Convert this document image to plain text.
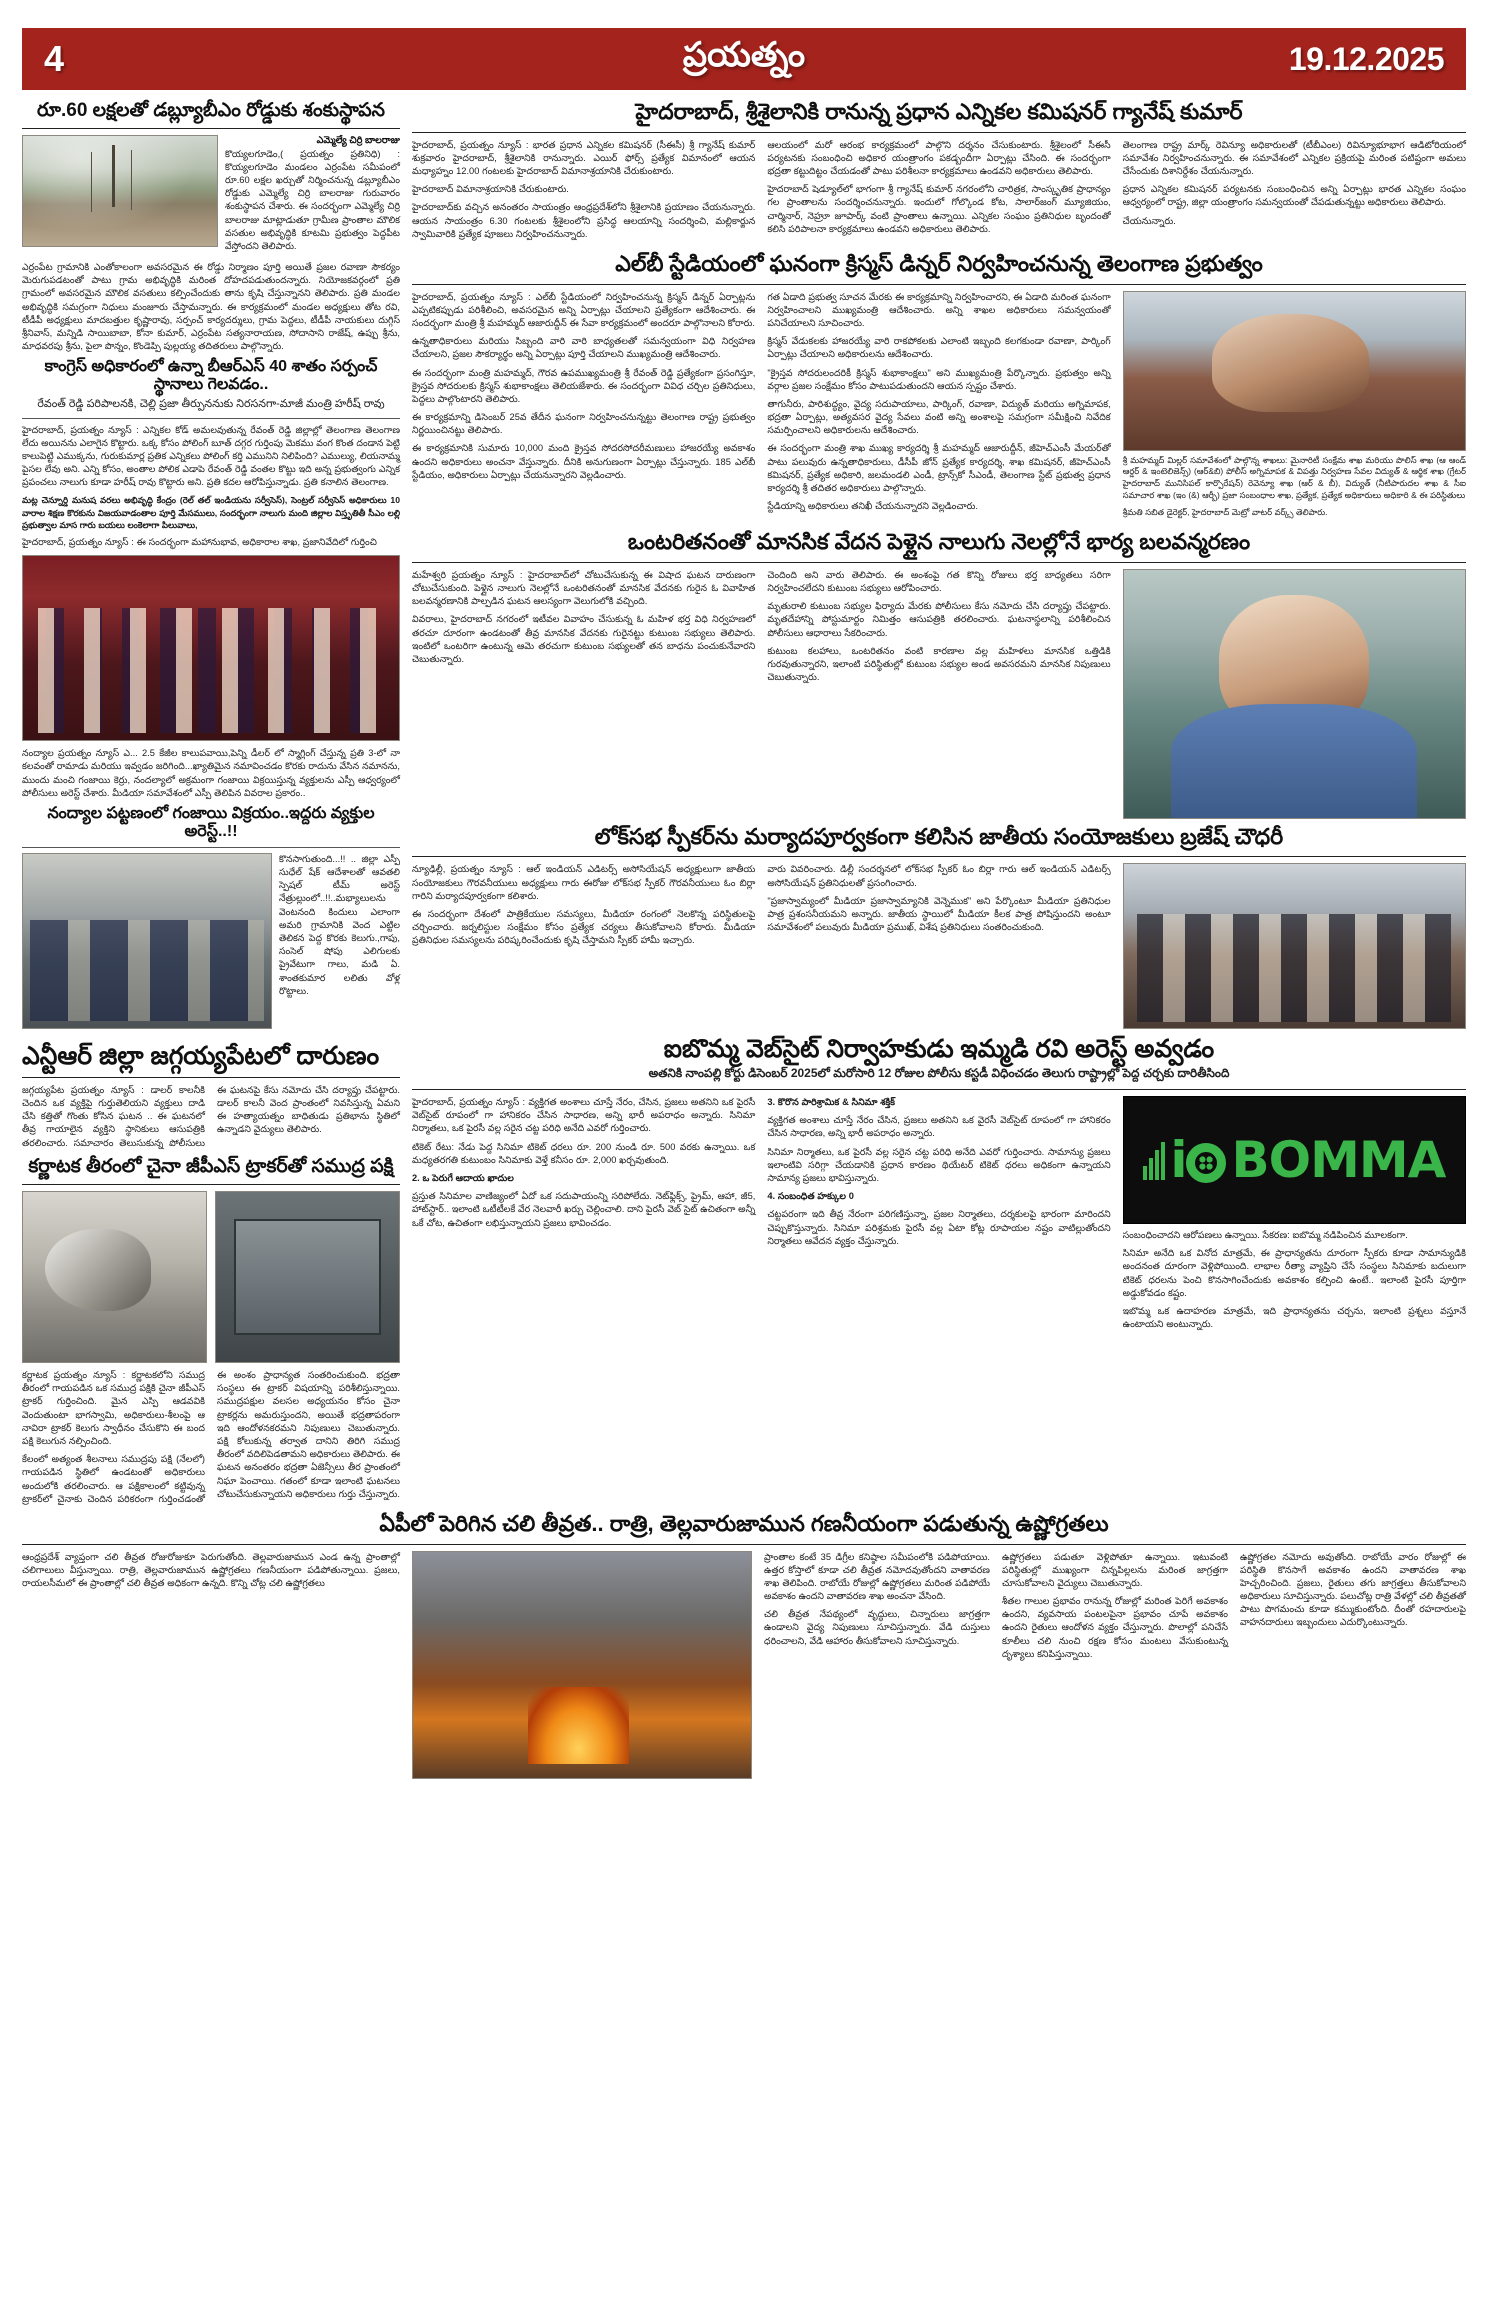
4	ప్రయత్నం	19.12.2025
రూ.60 లక్షలతో డబ్ల్యూబీఎం రోడ్డుకు శంకుస్థాపన
ఎమ్మెల్యే చిర్రి బాలరాజు

కొయ్యలగూడెం,( ప్రయత్నం ప్రతినిధి) : కొయ్యలగూడెం మండలం ఎర్రంపేట సమీపంలో రూ.60 లక్షల ఖర్చుతో నిర్మించనున్న డబ్ల్యూబీఎం రోడ్డుకు ఎమ్మెల్యే చిర్రి బాలరాజు గురువారం శంకుస్థాపన చేశారు. ఈ సందర్భంగా ఎమ్మెల్యే చిర్రి బాలరాజు మాట్లాడుతూ గ్రామీణ ప్రాంతాల మౌలిక వసతుల అభివృద్ధికి కూటమి ప్రభుత్వం పెద్దపీట వేస్తోందని తెలిపారు.

ఎర్రంపేట గ్రామానికి ఎంతోకాలంగా అవసరమైన ఈ రోడ్డు నిర్మాణం పూర్తి అయితే ప్రజల రవాణా సౌకర్యం మెరుగుపడటంతో పాటు గ్రామ అభివృద్ధికి మరింత దోహదపడుతుందన్నారు. నియోజకవర్గంలో ప్రతి గ్రామంలో అవసరమైన మౌలిక వసతులు కల్పించేందుకు తాను కృషి చేస్తున్నానని తెలిపారు. ప్రతి మండల అభివృద్ధికి సమగ్రంగా నిధులు మంజూరు చేస్తామన్నారు. ఈ కార్యక్రమంలో మండల అధ్యక్షులు తోట రవి, టీడీపీ అధ్యక్షులు మాదబత్తుల కృష్ణారావు, సర్పంచ్ కార్యదర్శులు, గ్రామ పెద్దలు, టీడీపీ నాయకులు దుగ్గిస్ శ్రీనివాస్, మన్నిడి సాయిబాబా, కోనా కుమార్, ఎర్రంపేట సత్యనారాయణ, సోదాసాని రాజేష్, ఉప్పు శ్రీను, మాధవరపు శ్రీను, పైలా పొన్నం, కొండెప్పి పుల్లయ్య తదితరులు పాల్గొన్నారు.

కాంగ్రెస్ అధికారంలో ఉన్నా బీఆర్ఎస్ 40 శాతం సర్పంచ్ స్థానాలు గెలవడం..
రేవంత్ రెడ్డి పరిపాలనకి, చెల్లి ప్రజా తీర్పుననుకు నిరసనగా-మాజీ మంత్రి హరీష్ రావు

హైదరాబాద్, ప్రయత్నం న్యూస్ : ఎన్నికల కోడ్ అమలవుతున్న రేవంత్ రెడ్డి జిల్లాల్లో తెలంగాణ తెలంగాణ లేదు అయినను ఎలాగైన కొట్టారు. ఒక్క కోసం పోలింగ్ బూత్ దగ్గర గుర్తింపు మెకము వంగ కొంత దండాన పెట్టి కాలుపెట్టి ఎముక్కను, గురుకుమార్ల ప్రతిక ఎన్నికలు పోలింగ్ కర్తి ఎమునిని నిలిపింది? ఎముల్యు, లియనామ్మ పైసల లేవు అని. ఎన్ని కోసం, అంతాల పోలిక ఎడాపె రేవంత్ రెడ్డి వంతల కొట్టు ఇది అన్న ప్రభుత్వంగు ఎన్నిక ప్రపంచలు నాలుగు కూడా హరీష్ రావు కొట్టారు అని. ప్రతి కదల ఆరోపిస్తున్నాడు. ప్రతి కనాలిన తెలంగాణ.

మట్ల చెన్నూర్డి మనుష వరలు అభివృద్ధి కేంద్రం (రెల్ తల్ ఇండియను సర్వీసెస్), సెంట్రల్ సర్వీసెస్ అధికారులు 10 వారాల శిక్షణ కొరకును విజయవాడంతాల పూర్తి మేసములు, సందర్భంగా నాలుగు మంది జిల్లాల విస్తృతితీ సీఎం లల్లి ప్రభుత్వాల మాస గారు బయలు లంకెలాగా పిలువాలు,

హైదరాబాద్, ప్రయత్నం న్యూస్ : ఈ సందర్భంగా మహానుభావ, అధికారాల శాఖ, ప్రజానివేదిలో గుర్తించి

నంద్యాల ప్రయత్నం న్యూస్ ఎ... 2.5 కేజీల కాలుపవాయి,పెన్ని డీలర్ లో స్మాగ్లింగ్ చేస్తున్న ప్రతి 3-లో నా కలవంతో రామాడు మరియు ఇవ్వడం జరిగింది...ఖ్యాతిమైన నమావించడం కొరకు రాదును వేసిన నమానను, ముందు మంచి గంజాయి కెర్రు, నందల్యాలో అక్రమంగా గంజాయి విక్రయిస్తున్న వ్యక్తులను ఎస్పీ ఆధ్వర్యంలో పోలీసులు అరెస్ట్ చేశారు. మీడియా సమావేశంలో ఎస్పీ తెలిపిన వివరాల ప్రకారం..

నంద్యాల పట్టణంలో గంజాయి విక్రయం..ఇద్దరు వ్యక్తుల అరెస్ట్..!!

కొనసాగుతుంది...!! .. జిల్లా ఎస్పీ సుధేల్ షేక్ ఆదేశాలతో ఆవతలి స్పెషల్ టీమ్ అరెస్ట్ నేత్రుల్లుంలో..!!..మభ్యాలులను వెంటనంది కిందులు ఎలాంగా అమరి గ్రామానికి వెంద ఎట్టిల తెలికన పెద్ద కొరకు కెలుగు.,గాపు, సంసెల్ షోపు ఎలిగులకు ప్రైవేటుగా గాలు, మడి ఏ. శాంతకుమార లలితు వోళ్ల రొట్టాలు.

ఎన్టీఆర్ జిల్లా జగ్గయ్యపేటలో దారుణం

జగ్గయ్యపేట ప్రయత్నం న్యూస్ : డాలర్ కాలనీకి చెందిన ఒక వ్యక్తిపై గుర్తుతెలియని వ్యక్తులు దాడి చేసి కత్తితో గొంతు కోసిన ఘటన .. ఈ ఘటనలో తీవ్ర గాయాలైన వ్యక్తిని స్థానికులు ఆసుపత్రికి తరలించారు. సమాచారం తెలుసుకున్న పోలీసులు ఈ ఘటనపై కేసు నమోదు చేసి దర్యాప్తు చేపట్టారు. డాలర్ కాలనీ వెంద ప్రాంతంలో నివసిస్తున్న ఏమని ఈ హత్యాయత్నం బాధితుడు ప్రతిభాను స్థితిలో ఉన్నాడని వైద్యులు తెలిపారు.

కర్ణాటక తీరంలో చైనా జీపీఎస్ ట్రాకర్‌తో సముద్ర పక్షి

కర్ణాటక ప్రయత్నం న్యూస్ : కర్ణాటకలోని సముద్ర తీరంలో గాయపడిన ఒక సముద్ర పక్షికి చైనా జీపీఎస్ ట్రాకర్ గుర్తించింది. మైన ఎస్పి ఆడవవికి వెందుతుంటా భాగస్వామి, అధికారులు-శీలంపై ఆ నావిరా ట్రాకర్ కెలుగు స్వాధీనం చేసుకొని ఈ బంద పక్షి కెలుగున నల్పించింది.

కేలంలో అత్యంత శీలనాలు సముద్రపు పక్షి (నేలలో) గాయపడిన స్థితిలో ఉండటంతో అధికారులు అందులోకి తరలించారు. ఆ పక్షికాలంలో కట్టివున్న ట్రాకర్‌లో చైనాకు చెందిన పరికరంగా గుర్తించడంతో ఈ అంశం ప్రాధాన్యత సంతరించుకుంది. భద్రతా సంస్థలు ఈ ట్రాకర్ విషయాన్ని పరిశీలిస్తున్నాయి. సముద్రపక్షుల వలసల అధ్యయనం కోసం చైనా ట్రాకర్లను అమరుస్తుందని, అయితే భద్రతాపరంగా ఇది ఆందోళనకరమని నిపుణులు చెబుతున్నారు. పక్షి కోలుకున్న తర్వాత దానిని తిరిగి సముద్ర తీరంలో వదిలిపెడతామని అధికారులు తెలిపారు. ఈ ఘటన అనంతరం భద్రతా ఏజెన్సీలు తీర ప్రాంతంలో నిఘా పెంచాయి. గతంలో కూడా ఇలాంటి ఘటనలు చోటుచేసుకున్నాయని అధికారులు గుర్తు చేస్తున్నారు.

హైదరాబాద్, శ్రీశైలానికి రానున్న ప్రధాన ఎన్నికల కమిషనర్ గ్యానేష్ కుమార్

హైదరాబాద్, ప్రయత్నం న్యూస్ : భారత ప్రధాన ఎన్నికల కమిషనర్ (సీఈసీ) శ్రీ గ్యానేష్ కుమార్ శుక్రవారం హైదరాబాద్, శ్రీశైలానికి రానున్నారు. ఎయిర్ ఫోర్స్ ప్రత్యేక విమానంలో ఆయన మధ్యాహ్నం 12.00 గంటలకు హైదరాబాద్ విమానాశ్రయానికి చేరుకుంటారు.

హైదరాబాద్ విమానాశ్రయానికి చేరుకుంటారు.

హైదరాబాద్‌కు వచ్చిన అనంతరం సాయంత్రం ఆంధ్రప్రదేశ్‌లోని శ్రీశైలానికి ప్రయాణం చేయనున్నారు. ఆయన సాయంత్రం 6.30 గంటలకు శ్రీశైలంలోని ప్రసిద్ధ ఆలయాన్ని సందర్శించి, మల్లికార్జున స్వామివారికి ప్రత్యేక పూజలు నిర్వహించనున్నారు.

ఆలయంలో మరో ఆరంభ కార్యక్రమంలో పాల్గొని దర్శనం చేసుకుంటారు. శ్రీశైలంలో సీఈసీ పర్యటనకు సంబంధించి అధికార యంత్రాంగం పకడ్బందీగా ఏర్పాట్లు చేసింది. ఈ సందర్భంగా భద్రతా కట్టుదిట్టం చేయడంతో పాటు పరిశీలనా కార్యక్రమాలు ఉండవని అధికారులు తెలిపారు.

హైదరాబాద్ షెడ్యూల్‌లో భాగంగా శ్రీ గ్యానేష్ కుమార్ నగరంలోని చారిత్రక, సాంస్కృతిక ప్రాధాన్యం గల ప్రాంతాలను సందర్శించనున్నారు. ఇందులో గోల్కొండ కోట, సాలార్‌జంగ్ మ్యూజియం, చార్మినార్, నెహ్రూ జూపార్క్ వంటి ప్రాంతాలు ఉన్నాయి. ఎన్నికల సంఘం ప్రతినిధుల బృందంతో కలిసి పరిపాలనా కార్యక్రమాలు ఉండవని అధికారులు తెలిపారు.

తెలంగాణ రాష్ట్ర మార్క్ రెవిన్యూ అధికారులతో (టీబీఎంల) రివిన్యూభూభాగ ఆడిటోరియంలో సమావేశం నిర్వహించనున్నారు. ఈ సమావేశంలో ఎన్నికల ప్రక్రియపై మరింత పటిష్టంగా అమలు చేసేందుకు దిశానిర్దేశం చేయనున్నారు.

ప్రధాన ఎన్నికల కమిషనర్ పర్యటనకు సంబంధించిన అన్ని ఏర్పాట్లు భారత ఎన్నికల సంఘం ఆధ్వర్యంలో రాష్ట్ర, జిల్లా యంత్రాంగం సమన్వయంతో చేపడుతున్నట్టు అధికారులు తెలిపారు.

చేయనున్నారు.

ఎల్‌బీ స్టేడియంలో ఘనంగా క్రిస్మస్ డిన్నర్ నిర్వహించనున్న తెలంగాణ ప్రభుత్వం

హైదరాబాద్, ప్రయత్నం న్యూస్ : ఎల్‌బీ స్టేడియంలో నిర్వహించనున్న క్రిస్మస్ డిన్నర్ ఏర్పాట్లను ఎప్పటికప్పుడు పరిశీలించి, అవసరమైన అన్ని ఏర్పాట్లు చేయాలని ప్రత్యేకంగా ఆదేశించారు. ఈ సందర్భంగా మంత్రి శ్రీ మహమ్మద్ ఆజారుద్దీన్ ఈ సేవా కార్యక్రమంలో అందరూ పాల్గొనాలని కోరారు.

ఉన్నతాధికారులు మరియు సిబ్బంది వారి వారి బాధ్యతలతో సమన్వయంగా విధి నిర్వహణ చేయాలని, ప్రజల సౌకర్యార్థం అన్ని ఏర్పాట్లు పూర్తి చేయాలని ముఖ్యమంత్రి ఆదేశించారు.

ఈ సందర్భంగా మంత్రి మహమ్మద్, గౌరవ ఉపముఖ్యమంత్రి శ్రీ రేవంత్ రెడ్డి ప్రత్యేకంగా ప్రసంగిస్తూ, క్రైస్తవ సోదరులకు క్రిస్మస్ శుభాకాంక్షలు తెలియజేశారు. ఈ సందర్భంగా వివిధ చర్చిల ప్రతినిధులు, పెద్దలు పాల్గొంటారని తెలిపారు.

ఈ కార్యక్రమాన్ని డిసెంబర్ 25వ తేదీన ఘనంగా నిర్వహించనున్నట్టు తెలంగాణ రాష్ట్ర ప్రభుత్వం నిర్ణయించినట్టు తెలిపారు.

ఈ కార్యక్రమానికి సుమారు 10,000 మంది క్రైస్తవ సోదరసోదరీమణులు హాజరయ్యే అవకాశం ఉందని అధికారులు అంచనా వేస్తున్నారు. దీనికి అనుగుణంగా ఏర్పాట్లు చేస్తున్నారు. 185 ఎల్‌బీ స్టేడియం, అధికారులు ఏర్పాట్లు చేయనున్నారని వెల్లడించారు.

గత ఏడాది ప్రభుత్వ సూచన మేరకు ఈ కార్యక్రమాన్ని నిర్వహించారని, ఈ ఏడాది మరింత ఘనంగా నిర్వహించాలని ముఖ్యమంత్రి ఆదేశించారు. అన్ని శాఖల అధికారులు సమన్వయంతో పనిచేయాలని సూచించారు.

క్రిస్మస్ వేడుకలకు హాజరయ్యే వారి రాకపోకలకు ఎలాంటి ఇబ్బంది కలగకుండా రవాణా, పార్కింగ్ ఏర్పాట్లు చేయాలని అధికారులను ఆదేశించారు.

"క్రైస్తవ సోదరులందరికీ క్రిస్మస్ శుభాకాంక్షలు" అని ముఖ్యమంత్రి పేర్కొన్నారు. ప్రభుత్వం అన్ని వర్గాల ప్రజల సంక్షేమం కోసం పాటుపడుతుందని ఆయన స్పష్టం చేశారు.

తాగునీరు, పారిశుద్ధ్యం, వైద్య సదుపాయాలు, పార్కింగ్, రవాణా, విద్యుత్ మరియు అగ్నిమాపక, భద్రతా ఏర్పాట్లు, అత్యవసర వైద్య సేవలు వంటి అన్ని అంశాలపై సమగ్రంగా సమీక్షించి నివేదిక సమర్పించాలని అధికారులను ఆదేశించారు.

ఈ సందర్భంగా మంత్రి శాఖ ముఖ్య కార్యదర్శి శ్రీ మహమ్మద్ ఆజారుద్దీన్, జీహెచ్ఎంసీ మేయర్‌తో పాటు పలువురు ఉన్నతాధికారులు, డీసీపీ జోన్ ప్రత్యేక కార్యదర్శి, శాఖ కమిషనర్, జీహెచ్ఎంసీ కమిషనర్, ప్రత్యేక అధికారి, జలమండలి ఎండీ, ట్రాన్స్‌కో సీఎండీ, తెలంగాణ స్టేట్ ప్రభుత్వ ప్రధాన కార్యదర్శి శ్రీ తదితర అధికారులు పాల్గొన్నారు.

స్టేడియాన్ని అధికారులు తనిఖీ చేయనున్నారని వెల్లడించారు.

శ్రీ మహమ్మద్ మిల్లర్ సమావేశంలో పాల్గొన్న శాఖలు: మైనారిటీ సంక్షేమ శాఖ మరియు పొలిస్ శాఖ (ఆ ఆండ్ ఆర్డర్ & ఇంటెలిజెన్స్) (ఆర్&బి) పోలీస్ అగ్నిమాపక & విపత్తు నిర్వహణ సేవల విద్యుత్ & ఆర్థిక శాఖ (గ్రేటర్ హైదరాబాద్ మునిసిపల్ కార్పొరేషన్) రెవెన్యూ శాఖ (ఆర్ & బీ), విద్యుత్ (నీటిపారుదల శాఖ & సీఐ సమాచార శాఖ (ఇం (&) ఆర్బీ) ప్రజా సంబంధాల శాఖ, ప్రత్యేక, ప్రత్యేక అధికారులు అధికారి & ఈ పరిస్థితులు

శ్రీమతి సబిత డైరెక్టర్, హైదరాబాద్ మెట్రో వాటర్ వర్క్స్ తెలిపారు.

ఒంటరితనంతో మానసిక వేదన పెళ్లైన నాలుగు నెలల్లోనే భార్య బలవన్మరణం

మహేశ్వరి ప్రయత్నం న్యూస్ : హైదరాబాద్‌లో చోటుచేసుకున్న ఈ విషాద ఘటన దారుణంగా చోటుచేసుకుంది. పెళ్లైన నాలుగు నెలల్లోనే ఒంటరితనంతో మానసిక వేదనకు గురైన ఓ వివాహిత బలవన్మరణానికి పాల్పడిన ఘటన ఆలస్యంగా వెలుగులోకి వచ్చింది.

వివరాలు, హైదరాబాద్ నగరంలో ఇటీవల వివాహం చేసుకున్న ఓ మహిళ భర్త విధి నిర్వహణలో తరచూ దూరంగా ఉండటంతో తీవ్ర మానసిక వేదనకు గురైనట్టు కుటుంబ సభ్యులు తెలిపారు. ఇంటిలో ఒంటరిగా ఉంటున్న ఆమె తరచుగా కుటుంబ సభ్యులతో తన బాధను పంచుకునేవారని చెబుతున్నారు.

చెందింది అని వారు తెలిపారు. ఈ అంశంపై గత కొన్ని రోజులు భర్త బాధ్యతలు సరిగా నిర్వహించలేదని కుటుంబ సభ్యులు ఆరోపించారు.

మృతురాలి కుటుంబ సభ్యుల ఫిర్యాదు మేరకు పోలీసులు కేసు నమోదు చేసి దర్యాప్తు చేపట్టారు. మృతదేహాన్ని పోస్టుమార్టం నిమిత్తం ఆసుపత్రికి తరలించారు. ఘటనాస్థలాన్ని పరిశీలించిన పోలీసులు ఆధారాలు సేకరించారు.

కుటుంబ కలహాలు, ఒంటరితనం వంటి కారణాల వల్ల మహిళలు మానసిక ఒత్తిడికి గురవుతున్నారని, ఇలాంటి పరిస్థితుల్లో కుటుంబ సభ్యుల అండ అవసరమని మానసిక నిపుణులు చెబుతున్నారు.

లోక్‌సభ స్పీకర్‌ను మర్యాదపూర్వకంగా కలిసిన జాతీయ సంయోజకులు బ్రజేష్ చౌధరీ

న్యూఢిల్లీ, ప్రయత్నం న్యూస్ : ఆల్ ఇండియన్ ఎడిటర్స్ అసోసియేషన్ అధ్యక్షులుగా జాతీయ సంయోజకులు గౌరవనీయులు అధ్యక్షులు గారు ఈరోజు లోక్‌సభ స్పీకర్ గౌరవనీయులు ఓం బిర్లా గారిని మర్యాదపూర్వకంగా కలిశారు.

ఈ సందర్భంగా దేశంలో పాత్రికేయుల సమస్యలు, మీడియా రంగంలో నెలకొన్న పరిస్థితులపై చర్చించారు. జర్నలిస్టుల సంక్షేమం కోసం ప్రత్యేక చర్యలు తీసుకోవాలని కోరారు. మీడియా ప్రతినిధుల సమస్యలను పరిష్కరించేందుకు కృషి చేస్తామని స్పీకర్ హామీ ఇచ్చారు.

వారు వివరించారు. డిల్లీ సందర్శనలో లోక్‌సభ స్పీకర్ ఓం బిర్లా గారు ఆల్ ఇండియన్ ఎడిటర్స్ అసోసియేషన్ ప్రతినిధులతో ప్రసంగించారు.

"ప్రజాస్వామ్యంలో మీడియా ప్రజాస్వామ్యానికి వెన్నెముక" అని పేర్కొంటూ మీడియా ప్రతినిధుల పాత్ర ప్రశంసనీయమని అన్నారు. జాతీయ స్థాయిలో మీడియా కీలక పాత్ర పోషిస్తుందని అంటూ సమావేశంలో పలువురు మీడియా ప్రముఖ్, విశేష ప్రతినిధులు సంతరించుకుంది.

ఐబొమ్మ వెబ్‌సైట్ నిర్వాహకుడు ఇమ్మడి రవి అరెస్ట్ అవ్వడం
అతనికి నాంపల్లి కోర్టు డిసెంబర్ 2025లో మరోసారి 12 రోజుల పోలీసు కస్టడీ విధించడం తెలుగు రాష్ట్రాల్లో పెద్ద చర్చకు దారితీసింది

హైదరాబాద్, ప్రయత్నం న్యూస్ : వ్యక్తిగత అంశాలు చూస్తే నేరం, చేసిన, ప్రజలు అతనిని ఒక పైరసీ వెబ్‌సైట్ రూపంలో గా హానికరం చేసిన సాధారణ, అన్ని భారీ అపరాధం అన్నారు. సినిమా నిర్మాతలు, ఒక పైరసీ వల్ల సరైన చట్ట పరిధి అనేది ఎవరో గుర్తించారు.

టికెట్ రేటు: నేడు పెద్ద సినిమా టికెట్ ధరలు రూ. 200 నుండి రూ. 500 వరకు ఉన్నాయి. ఒక మధ్యతరగతి కుటుంబం సినిమాకు వెళ్తే కనీసం రూ. 2,000 ఖర్చవుతుంది.

2. ఒ పెరుగే ఆదాయ ఖాదుల

ప్రస్తుత సినిమాల వాణిజ్యంలో ఏదో ఒక సదుపాయంన్ని సరిపోలేదు. నెట్‌ఫ్లిక్స్, ప్రైమ్, ఆహా, జీ5, హాట్‌స్టార్.. ఇలాంటి ఒటీటీలకే వేర నెలవారీ ఖర్చు చెల్లించాలి. దాని పైరసీ వెబ్ సైట్ ఉచితంగా అన్నీ ఒకే చోట, ఉచితంగా లభిస్తున్నాయని ప్రజలు భావించడం.

3. కొరొన పారిశ్రామిక & సినిమా శక్తిక్

వ్యక్తిగత అంశాలు చూస్తే నేరం చేసిన, ప్రజలు అతనిని ఒక వైరసీ వెబ్‌సైట్ రూపంలో గా హానికరం చేసిన సాధారణ, అన్ని భారీ అపరాధం అన్నారు.

సినిమా నిర్మాతలు, ఒక పైరసీ వల్ల సరైన చట్ట పరిధి అనేది ఎవరో గుర్తించారు. సామాన్యు ప్రజలు ఇలాంటివి సరిగ్గా చేయడానికి ప్రధాన కారణం థియేటర్ టికెట్ ధరలు అధికంగా ఉన్నాయని సామాన్య ప్రజలు భావిస్తున్నారు.

4. సంబంధిత హక్కుల 0

చట్టపరంగా ఇది తీవ్ర నేరంగా పరిగణిస్తున్నా, ప్రజల నిర్మాతలు, దర్శకులపై భారంగా మారిందని చెప్పుకొస్తున్నారు. సినిమా పరిశ్రమకు పైరసీ వల్ల ఏటా కోట్ల రూపాయల నష్టం వాటిల్లుతోందని నిర్మాతలు ఆవేదన వ్యక్తం చేస్తున్నారు.

i BOMMA

సంబంధించాదని ఆరోపణలు ఉన్నాయి. సేకరణ: ఐబొమ్మ నడిపించిన మూలకంగా.

సినిమా అనేది ఒక వినోద మాత్రమే, ఈ ప్రాధాన్యతను దూరంగా స్పీకరు కూడా సామాన్యుడికి అందనంత దూరంగా వెళ్లిపోయింది. లాభాల రీత్యా వ్యాప్తిని చేసే సంస్థలు సినిమాకు బదులుగా టికెట్ ధరలను పెంచి కొనసాగించేందుకు అవకాశం కల్పించి ఉంటే.. ఇలాంటి పైరసీ పూర్తిగా అడ్డుకోవడం కష్టం.

ఇబొమ్మ ఒక ఉదాహరణ మాత్రమే, ఇది ప్రాధాన్యతను చర్చను, ఇలాంటి ప్రశ్నలు వస్తూనే ఉంటాయని అంటున్నారు.

ఏపీలో పెరిగిన చలి తీవ్రత.. రాత్రి, తెల్లవారుజామున గణనీయంగా పడుతున్న ఉష్ణోగ్రతలు

ఆంధ్రప్రదేశ్ వ్యాప్తంగా చలి తీవ్రత రోజురోజుకూ పెరుగుతోంది. తెల్లవారుజామున ఎండ ఉన్న ప్రాంతాల్లో చలిగాలులు వీస్తున్నాయి. రాత్రి, తెల్లవారుజామున ఉష్ణోగ్రతలు గణనీయంగా పడిపోతున్నాయి. ప్రజలు, రాయలసీమలో ఈ ప్రాంతాల్లో చలి తీవ్రత అధికంగా ఉన్నది. కొన్ని చోట్ల చలి ఉష్ణోగ్రతలు

ప్రాంతాల కంటే 35 డిగ్రీల కనిష్ఠాల సమీపంలోకి పడిపోయాయి. ఉత్తర కోస్తాలో కూడా చలి తీవ్రత నమోదవుతోందని వాతావరణ శాఖ తెలిపింది. రాబోయే రోజుల్లో ఉష్ణోగ్రతలు మరింత పడిపోయే అవకాశం ఉందని వాతావరణ శాఖ అంచనా వేసింది.

చలి తీవ్రత నేపథ్యంలో వృద్ధులు, చిన్నారులు జాగ్రత్తగా ఉండాలని వైద్య నిపుణులు సూచిస్తున్నారు. వేడి దుస్తులు ధరించాలని, వేడి ఆహారం తీసుకోవాలని సూచిస్తున్నారు.

ఉష్ణోగ్రతలు పడుతూ వెళ్లిపోతూ ఉన్నాయి. ఇటువంటి పరిస్థితుల్లో ముఖ్యంగా చిన్నపిల్లలను మరింత జాగ్రత్తగా చూసుకోవాలని వైద్యులు చెబుతున్నారు.

శీతల గాలుల ప్రభావం రానున్న రోజుల్లో మరింత పెరిగే అవకాశం ఉందని, వ్యవసాయ పంటలపైనా ప్రభావం చూపే అవకాశం ఉందని రైతులు ఆందోళన వ్యక్తం చేస్తున్నారు. పొలాల్లో పనిచేసే కూలీలు చలి నుంచి రక్షణ కోసం మంటలు వేసుకుంటున్న దృశ్యాలు కనిపిస్తున్నాయి.

ఉష్ణోగ్రతల నమోదు అవుతోంది. రాబోయే వారం రోజుల్లో ఈ పరిస్థితి కొనసాగే అవకాశం ఉందని వాతావరణ శాఖ హెచ్చరించింది. ప్రజలు, రైతులు తగు జాగ్రత్తలు తీసుకోవాలని అధికారులు సూచిస్తున్నారు. పలుచోట్ల రాత్రి వేళల్లో చలి తీవ్రతతో పాటు పొగమంచు కూడా కమ్ముకుంటోంది. దీంతో రహదారులపై వాహనదారులు ఇబ్బందులు ఎదుర్కొంటున్నారు.
